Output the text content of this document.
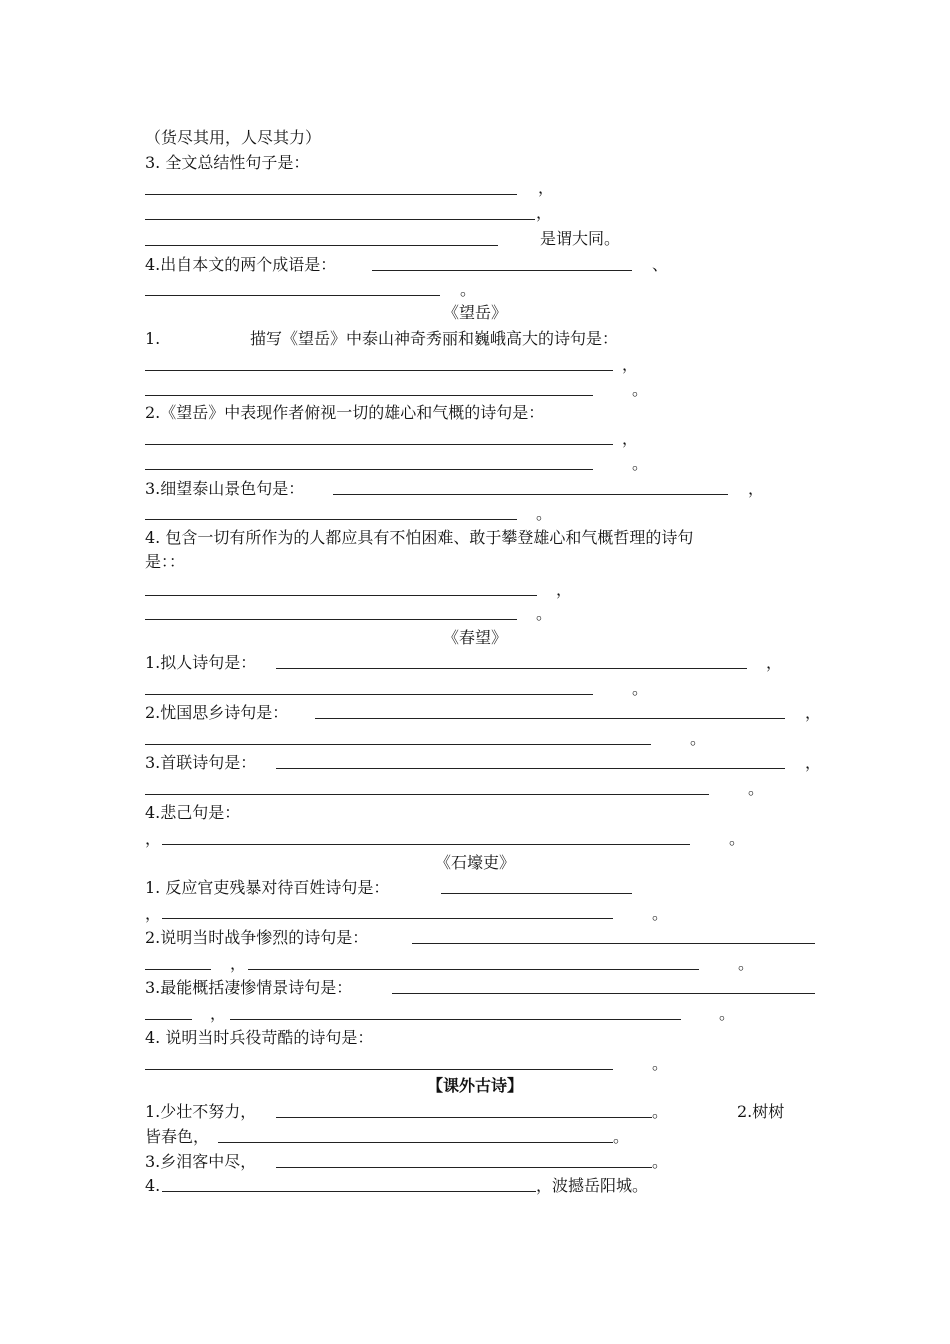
（货尽其用，人尽其力）
3. 全文总结性句子是：
，
，
是谓大同。
4.出自本文的两个成语是：	、
。
《望岳》
1.	描写《望岳》中泰山神奇秀丽和巍峨高大的诗句是：
，
。
2.《望岳》中表现作者俯视一切的雄心和气概的诗句是：
，
。
3.细望泰山景色句是：	，
。
4. 包含一切有所作为的人都应具有不怕困难、敢于攀登雄心和气概哲理的诗句
是：：
，
。
《春望》
1.拟人诗句是：	，
。
2.忧国思乡诗句是：	，
。
3.首联诗句是：	，
。
4.悲己句是：
，	。
《石壕吏》
1. 反应官吏残暴对待百姓诗句是：
，	。
2.说明当时战争惨烈的诗句是：
，	。
3.最能概括凄惨情景诗句是：
，	。
4. 说明当时兵役苛酷的诗句是：
。
【课外古诗】
1.少壮不努力，	。	2.树树
皆春色，	。
3.乡泪客中尽，	。
4.	，波撼岳阳城。
